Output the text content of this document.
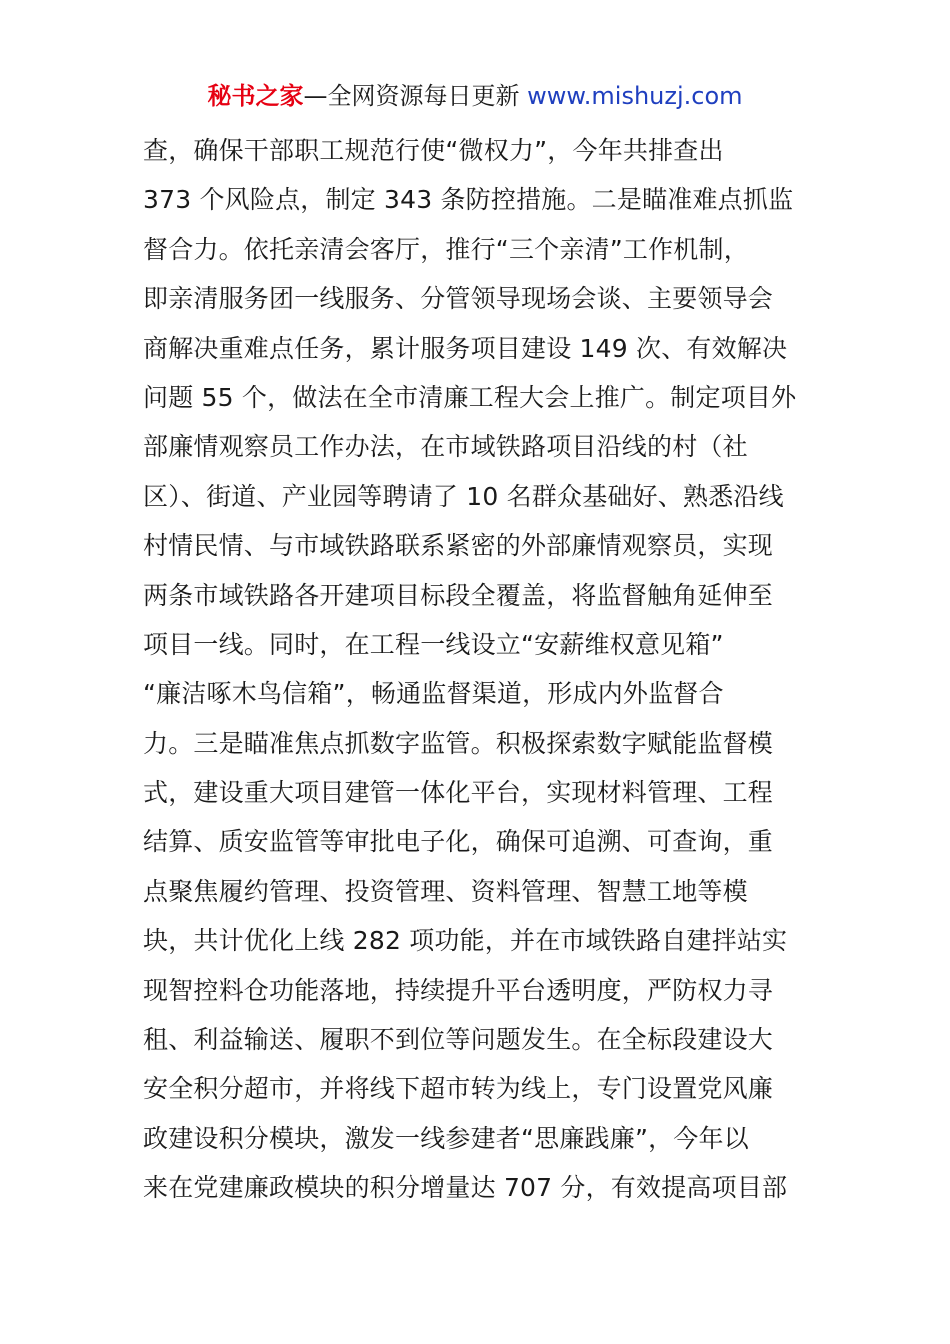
秘书之家—全网资源每日更新 www.mishuzj.com
查，确保干部职工规范行使“微权力”，今年共排查出
373 个风险点，制定 343 条防控措施。二是瞄准难点抓监
督合力。依托亲清会客厅，推行“三个亲清”工作机制，
即亲清服务团一线服务、分管领导现场会谈、主要领导会
商解决重难点任务，累计服务项目建设 149 次、有效解决
问题 55 个，做法在全市清廉工程大会上推广。制定项目外
部廉情观察员工作办法，在市域铁路项目沿线的村（社
区）、街道、产业园等聘请了 10 名群众基础好、熟悉沿线
村情民情、与市域铁路联系紧密的外部廉情观察员，实现
两条市域铁路各开建项目标段全覆盖，将监督触角延伸至
项目一线。同时，在工程一线设立“安薪维权意见箱”
“廉洁啄木鸟信箱”，畅通监督渠道，形成内外监督合
力。三是瞄准焦点抓数字监管。积极探索数字赋能监督模
式，建设重大项目建管一体化平台，实现材料管理、工程
结算、质安监管等审批电子化，确保可追溯、可查询，重
点聚焦履约管理、投资管理、资料管理、智慧工地等模
块，共计优化上线 282 项功能，并在市域铁路自建拌站实
现智控料仓功能落地，持续提升平台透明度，严防权力寻
租、利益输送、履职不到位等问题发生。在全标段建设大
安全积分超市，并将线下超市转为线上，专门设置党风廉
政建设积分模块，激发一线参建者“思廉践廉”，今年以
来在党建廉政模块的积分增量达 707 分，有效提高项目部
